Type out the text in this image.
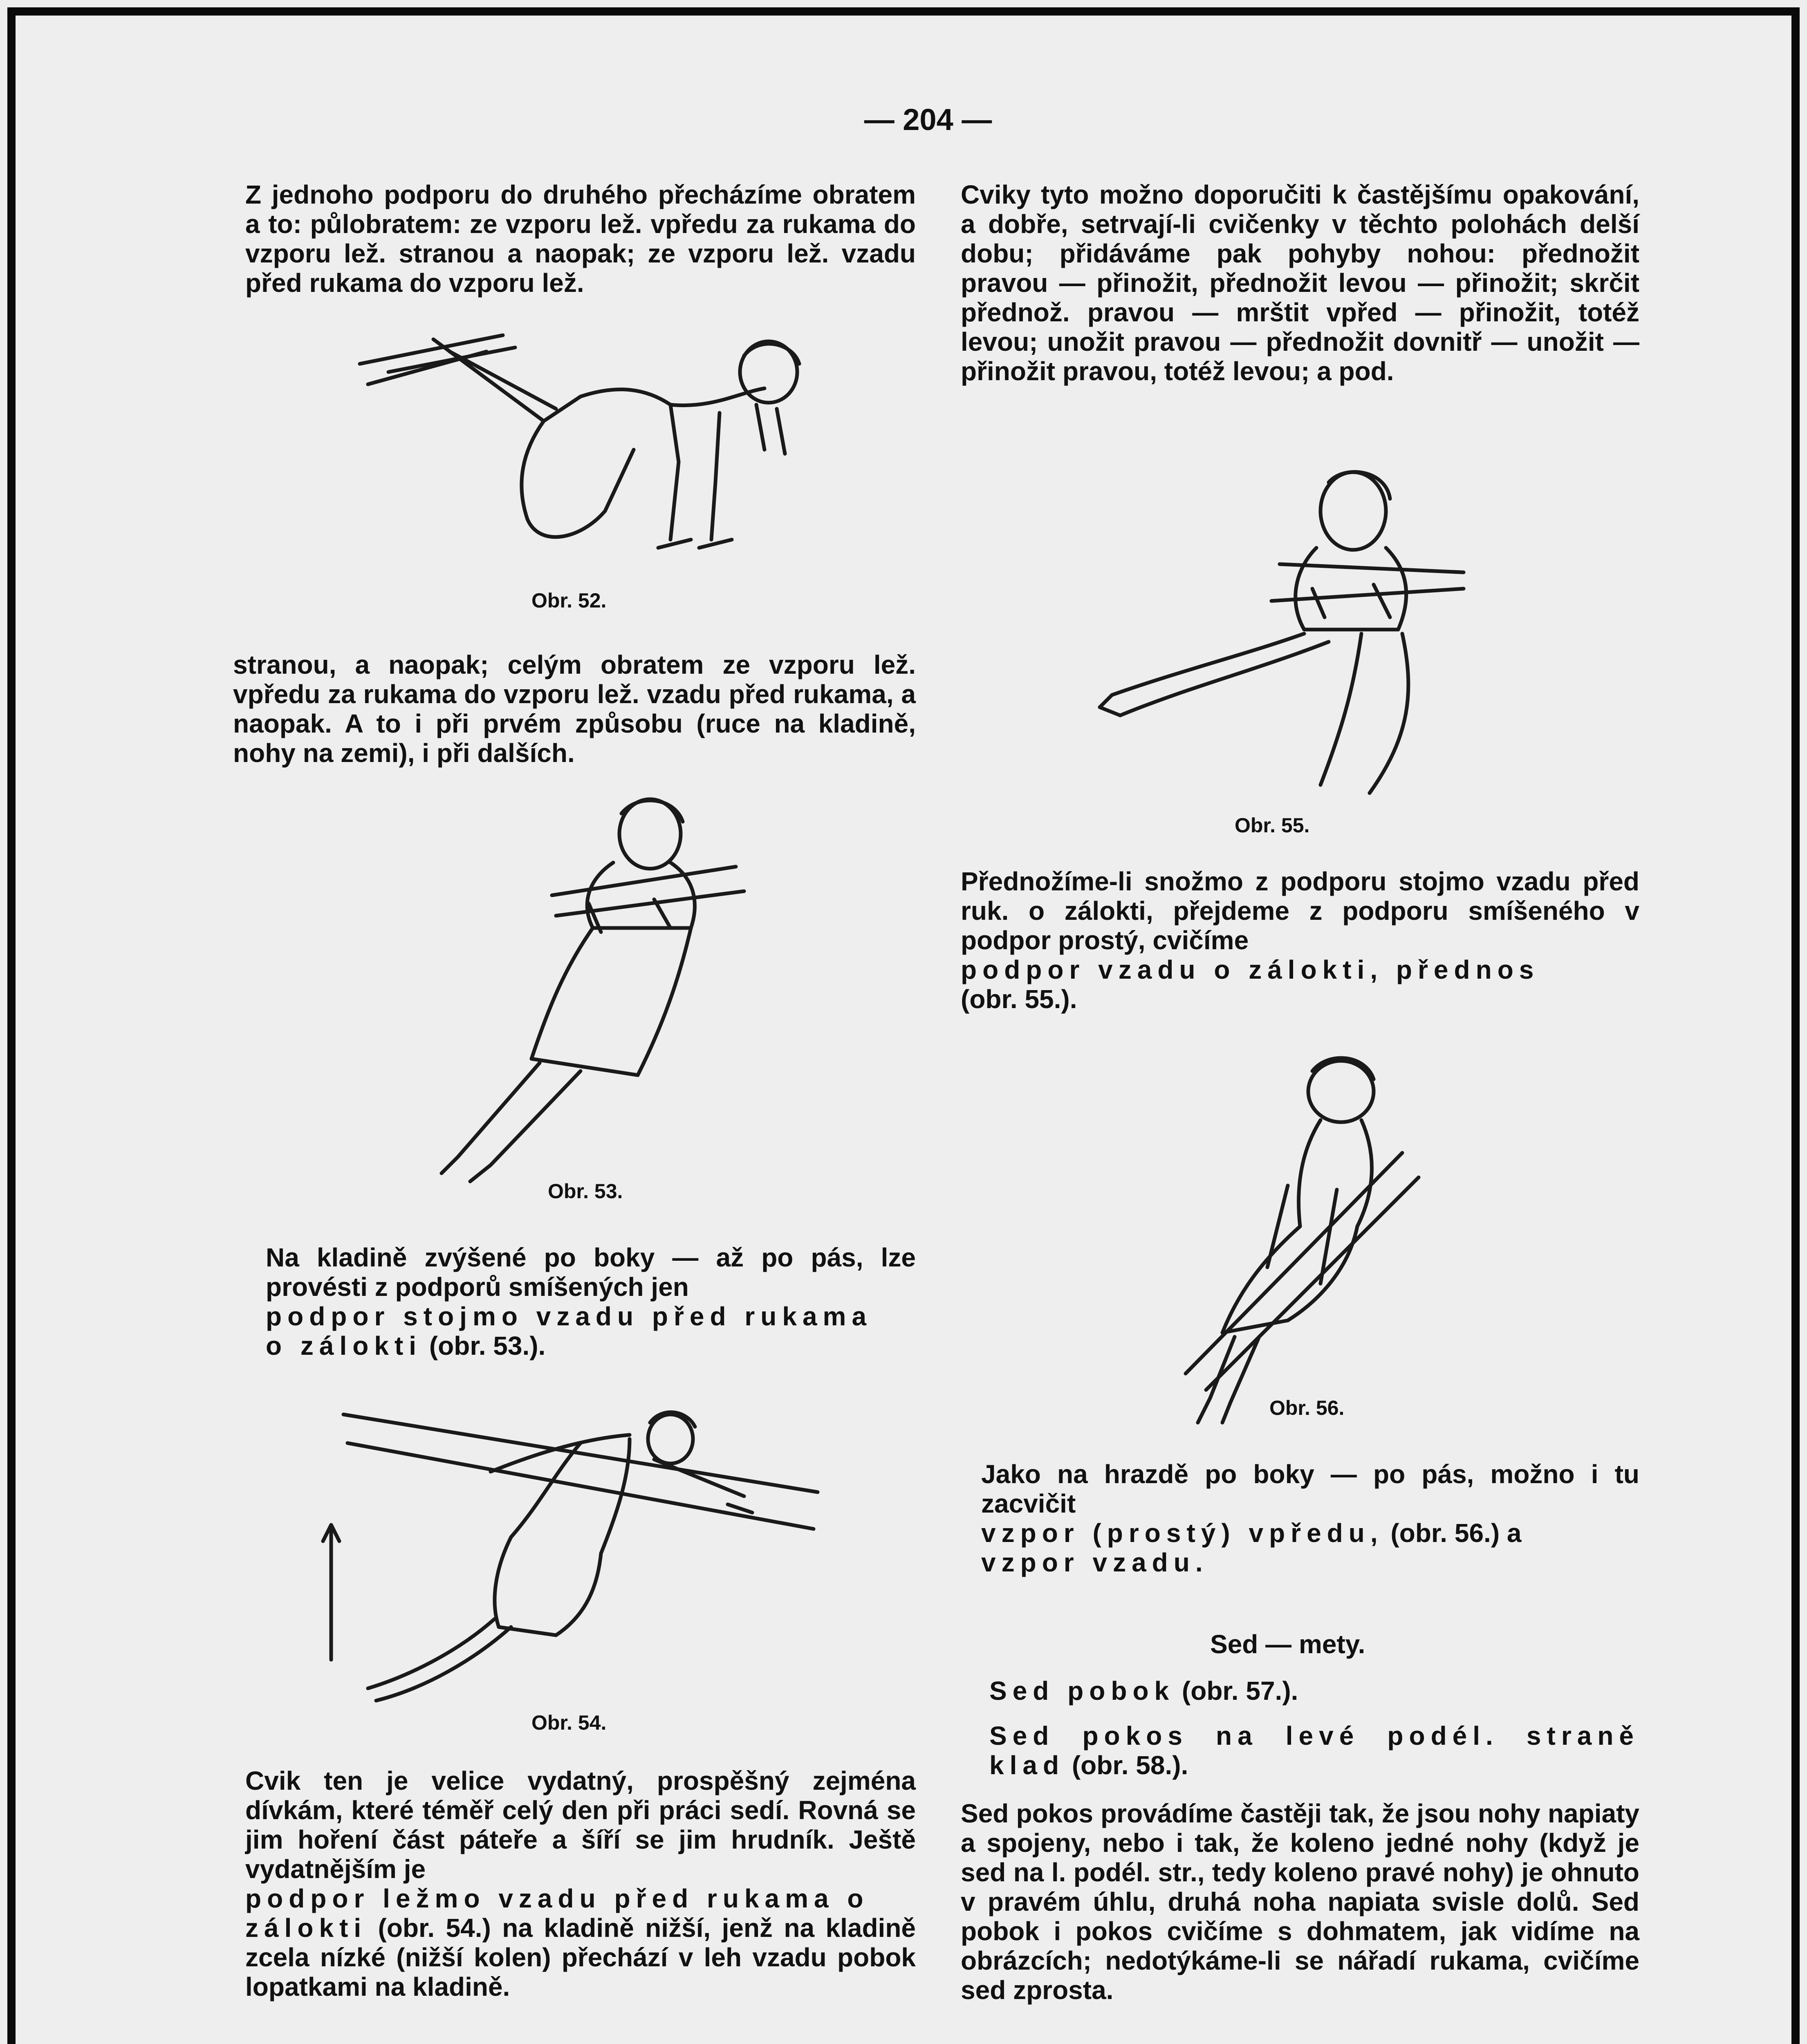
— 204 —

Z jednoho podporu do druhého přecházíme obratem a to: půlobratem: ze vzporu lež. vpředu za rukama do vzporu lež. stranou a naopak; ze vzporu lež. vzadu před rukama do vzporu lež.

Obr. 52.

stranou, a naopak; celým obratem ze vzporu lež. vpředu za rukama do vzporu lež. vzadu před rukama, a naopak. A to i při prvém způsobu (ruce na kladině, nohy na zemi), i při dalších.

Obr. 53.

Na kladině zvýšené po boky — až po pás, lze provésti z podporů smíšených jen

podpor stojmo vzadu před rukama

o zálokti (obr. 53.).

Obr. 54.

Cvik ten je velice vydatný, prospěšný zejména dívkám, které téměř celý den při práci sedí. Rovná se jim hoření část páteře a šíří se jim hrudník. Ještě vydatnějším je

podpor ležmo vzadu před rukama o

zálokti (obr. 54.) na kladině nižší, jenž na kladině zcela nízké (nižší kolen) přechází v leh vzadu pobok lopatkami na kladině.

Cviky tyto možno doporučiti k častějšímu opakování, a dobře, setrvají-li cvičenky v těchto polohách delší dobu; přidáváme pak pohyby nohou: přednožit pravou — přinožit, přednožit levou — přinožit; skrčit přednož. pravou — mrštit vpřed — přinožit, totéž levou; unožit pravou — přednožit dovnitř — unožit — přinožit pravou, totéž levou; a pod.

Obr. 55.

Přednožíme-li snožmo z podporu stojmo vzadu před ruk. o zálokti, přejdeme z podporu smíšeného v podpor prostý, cvičíme

podpor vzadu o zálokti, přednos

(obr. 55.).

Obr. 56.

Jako na hrazdě po boky — po pás, možno i tu zacvičit

vzpor (prostý) vpředu, (obr. 56.) a

vzpor vzadu.

Sed — mety.

Sed pobok (obr. 57.).

Sed pokos na levé podél. straně klad (obr. 58.).

Sed pokos provádíme častěji tak, že jsou nohy napiaty a spojeny, nebo i tak, že koleno jedné nohy (když je sed na l. podél. str., tedy koleno pravé nohy) je ohnuto v pravém úhlu, druhá noha napiata svisle dolů. Sed pobok i pokos cvičíme s dohmatem, jak vidíme na obrázcích; nedotýkáme-li se nářadí rukama, cvičíme sed zprosta.
